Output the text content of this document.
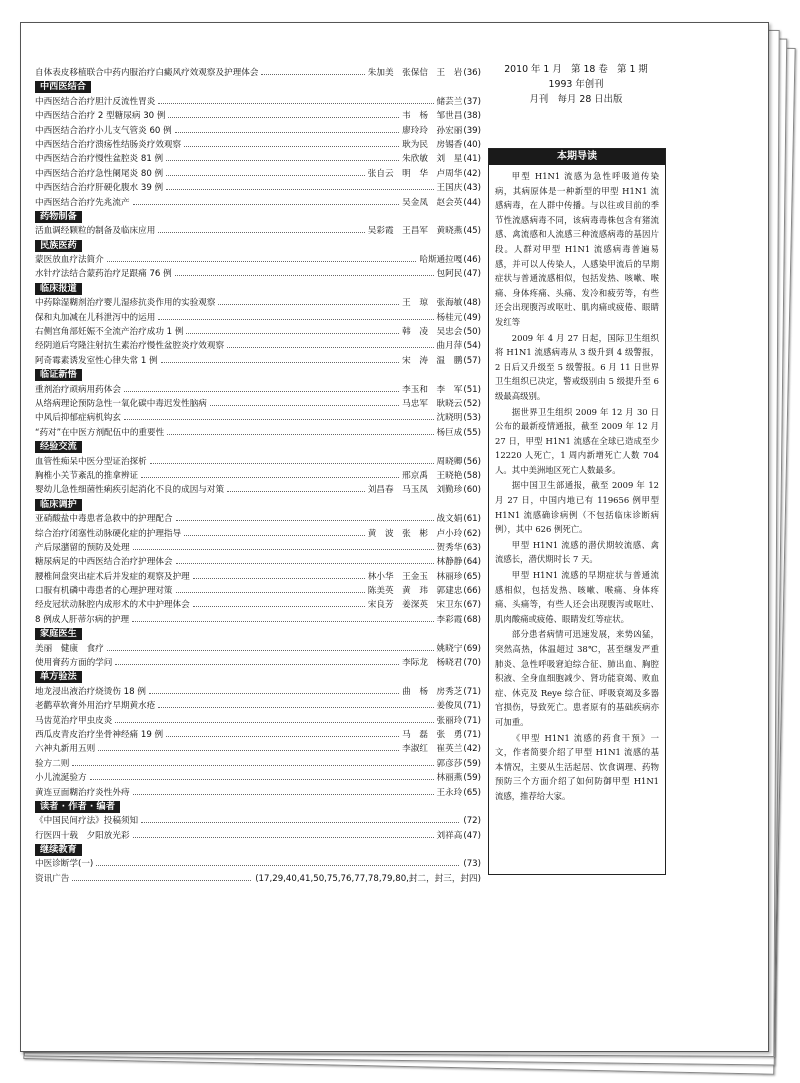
自体表皮移植联合中药内服治疗白癜风疗效观察及护理体会	朱加美　张保信　王　岩 (36)
中西医结合
中西医结合治疗胆汁反流性胃炎	储芸兰 (37)
中西医结合治疗 2 型糖尿病 30 例	韦　杨　邹世昌 (38)
中西医结合治疗小儿支气管炎 60 例	廖玲玲　孙宏丽 (39)
中西医结合治疗溃疡性结肠炎疗效观察	耿为民　房锡香 (40)
中西医结合治疗慢性盆腔炎 81 例	朱欣敏　刘　星 (41)
中西医结合治疗急性阑尾炎 80 例	张自云　明　华　卢周华 (42)
中西医结合治疗肝硬化腹水 39 例	王国庆 (43)
中西医结合治疗先兆流产	吴金凤　赵会英 (44)
药物制备
活血调经颗粒的制备及临床应用	吴彩霞　王昌军　黄晓燕 (45)
民族医药
蒙医放血疗法简介	哈斯通拉嘎 (46)
水针疗法结合蒙药治疗足跟痛 76 例	包阿民 (47)
临床报道
中药除湿糊剂治疗婴儿湿疹抗炎作用的实验观察	王　琼　张海敏 (48)
保和丸加减在儿科泄泻中的运用	杨桂元 (49)
右侧宫角部妊娠不全流产治疗成功 1 例	韩　凌　吴忠会 (50)
经阴道后穹隆注射抗生素治疗慢性盆腔炎疗效观察	曲月萍 (54)
阿奇霉素诱发室性心律失常 1 例	宋　涛　温　鹏 (57)
临证新悟
重剂治疗顽病用药体会	李玉和　李　军 (51)
从络病理论预防急性一氧化碳中毒迟发性脑病	马忠军　耿晓云 (52)
中风后抑郁症病机钩玄	沈晓明 (53)
“药对”在中医方剂配伍中的重要性	杨巨成 (55)
经验交流
血管性痴呆中医分型证治探析	周晓卿 (56)
胸椎小关节紊乱的推拿辨证	邢京禹　王晓艳 (58)
婴幼儿急性细菌性痢疾引起消化不良的成因与对策	刘昌春　马玉凤　刘勤珍 (60)
临床调护
亚硝酸盐中毒患者急救中的护理配合	战文娟 (61)
综合治疗闭塞性动脉硬化症的护理指导	黄　波　张　彬　卢小玲 (62)
产后尿潴留的预防及处理	贺秀华 (63)
糖尿病足的中西医结合治疗护理体会	林静静 (64)
腰椎间盘突出症术后并发症的观察及护理	林小华　王金玉　林丽珍 (65)
口服有机磷中毒患者的心理护理对策	陈美英　黄　玮　郭建忠 (66)
经皮冠状动脉腔内成形术的术中护理体会	宋良芳　姜深英　宋卫东 (67)
8 例成人肝蒂尔病的护理	李彩霞 (68)
家庭医生
美丽　健康　食疗	姚晓宁 (69)
使用膏药方面的学问	李际龙　杨晓君 (70)
单方验法
地龙浸出液治疗烧烫伤 18 例	曲　杨　房秀芝 (71)
老鹳草软膏外用治疗早期黄水疮	姜俊凤 (71)
马齿苋治疗甲虫皮炎	张丽玲 (71)
西瓜皮青皮治疗坐骨神经痛 19 例	马　磊　张　勇 (71)
六神丸新用五则	李淑红　崔英兰 (42)
验方二则	郭彦莎 (59)
小儿流涎验方	林丽燕 (59)
黄连豆面糊治疗炎性外痔	王永玲 (65)
读者 · 作者 · 编者
《中国民间疗法》投稿须知	(72)
行医四十载　夕阳放光彩	刘祥高 (47)
继续教育
中医诊断学(一)	(73)
资讯广告	(17,29,40,41,50,75,76,77,78,79,80,封二，封三，封四)
2010 年 1 月　第 18 卷　第 1 期
1993 年创刊
月刊　每月 28 日出版
本期导读

甲型 H1N1 流感为急性呼吸道传染病，其病原体是一种新型的甲型 H1N1 流感病毒，在人群中传播。与以往或目前的季节性流感病毒不同，该病毒毒株包含有猪流感、禽流感和人流感三种流感病毒的基因片段。人群对甲型 H1N1 流感病毒普遍易感，并可以人传染人，人感染甲流后的早期症状与普通流感相似，包括发热、咳嗽、喉痛、身体疼痛、头痛、发冷和疲劳等，有些还会出现腹泻或呕吐、肌肉痛或疲倦、眼睛发红等

2009 年 4 月 27 日起，国际卫生组织将 H1N1 流感病毒从 3 级升到 4 级警报，2 日后又升级至 5 级警报。6 月 11 日世界卫生组织已决定，警戒级别由 5 级提升至 6 级最高级别。

据世界卫生组织 2009 年 12 月 30 日公布的最新疫情通报，截至 2009 年 12 月 27 日，甲型 H1N1 流感在全球已造成至少 12220 人死亡，1 周内新增死亡人数 704 人。其中美洲地区死亡人数最多。

据中国卫生部通报，截至 2009 年 12 月 27 日，中国内地已有 119656 例甲型 H1N1 流感确诊病例（不包括临床诊断病例），其中 626 例死亡。

甲型 H1N1 流感的潜伏期较流感、禽流感长，潜伏期时长 7 天。

甲型 H1N1 流感的早期症状与普通流感相似，包括发热、咳嗽、喉痛、身体疼痛、头痛等，有些人还会出现腹泻或呕吐、肌肉酸痛或疲倦、眼睛发红等症状。

部分患者病情可迅速发展，来势凶猛，突然高热，体温超过 38℃，甚至继发严重肺炎、急性呼吸窘迫综合征、肺出血、胸腔积液、全身血细胞减少、肾功能衰竭、败血症、休克及 Reye 综合征、呼吸衰竭及多器官损伤，导致死亡。患者原有的基础疾病亦可加重。

《甲型 H1N1 流感的药食干预》一文，作者简要介绍了甲型 H1N1 流感的基本情况，主要从生活起居、饮食调理、药物预防三个方面介绍了如何防御甲型 H1N1 流感，推荐给大家。
